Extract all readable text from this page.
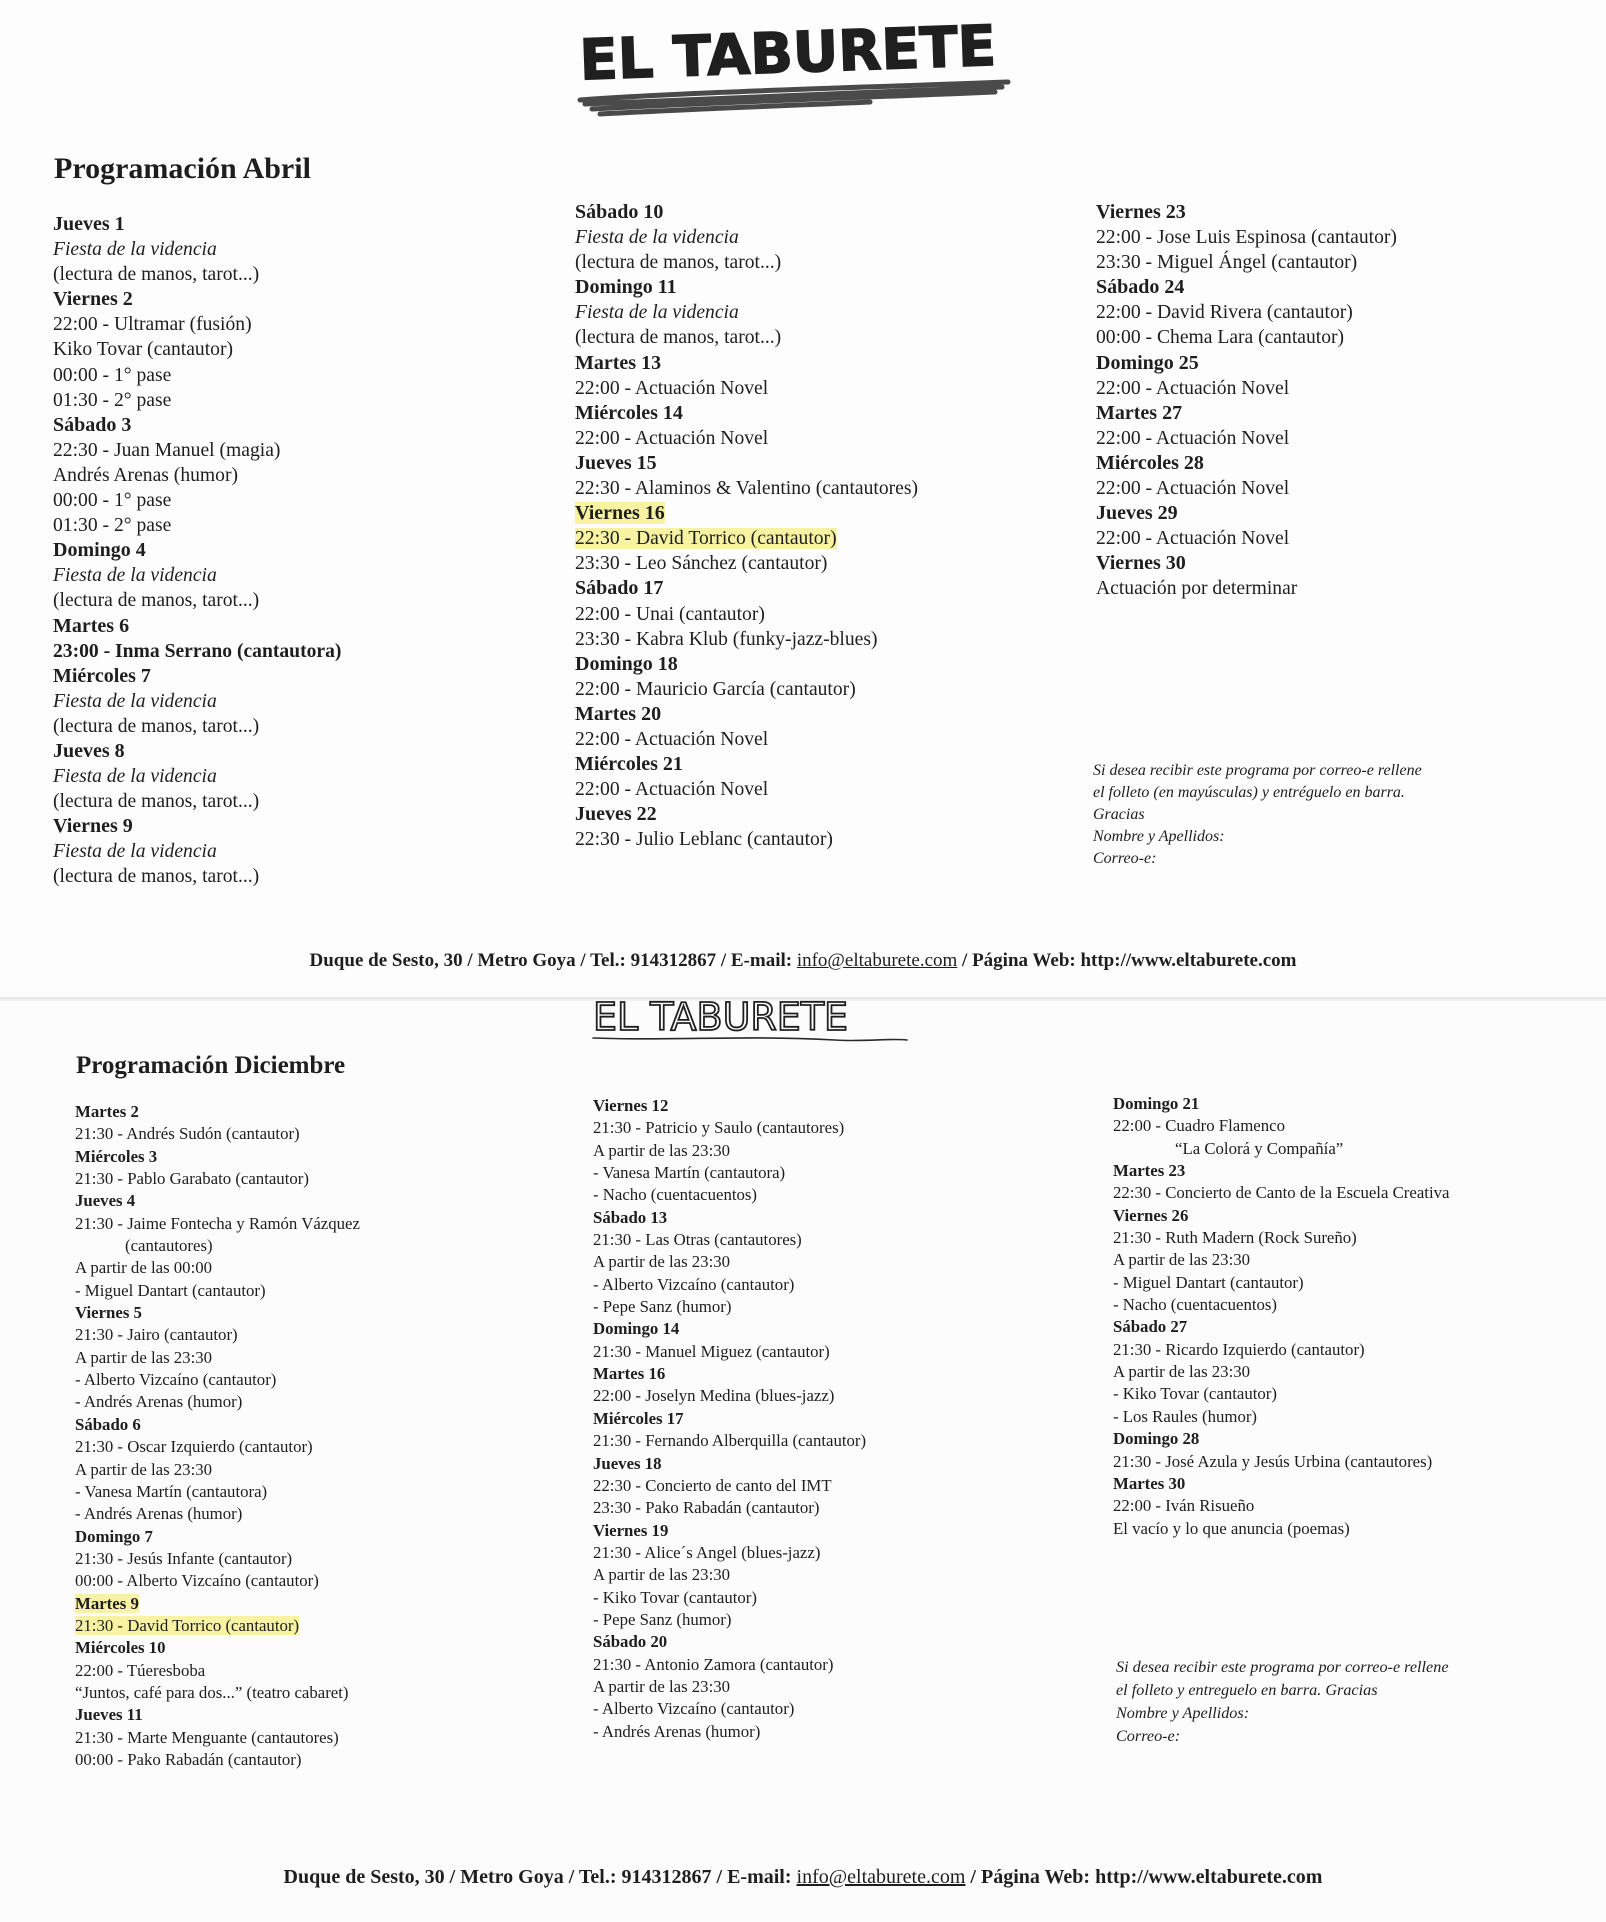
EL TABURETE
Programación Abril
Jueves 1
Fiesta de la videncia
(lectura de manos, tarot...)
Viernes 2
22:00 - Ultramar (fusión)
Kiko Tovar (cantautor)
00:00 - 1° pase
01:30 - 2° pase
Sábado 3
22:30 - Juan Manuel (magia)
Andrés Arenas (humor)
00:00 - 1° pase
01:30 - 2° pase
Domingo 4
Fiesta de la videncia
(lectura de manos, tarot...)
Martes 6
23:00 - Inma Serrano (cantautora)
Miércoles 7
Fiesta de la videncia
(lectura de manos, tarot...)
Jueves 8
Fiesta de la videncia
(lectura de manos, tarot...)
Viernes 9
Fiesta de la videncia
(lectura de manos, tarot...)
Sábado 10
Fiesta de la videncia
(lectura de manos, tarot...)
Domingo 11
Fiesta de la videncia
(lectura de manos, tarot...)
Martes 13
22:00 - Actuación Novel
Miércoles 14
22:00 - Actuación Novel
Jueves 15
22:30 - Alaminos & Valentino (cantautores)
Viernes 16
22:30 - David Torrico (cantautor)
23:30 - Leo Sánchez (cantautor)
Sábado 17
22:00 - Unai (cantautor)
23:30 - Kabra Klub (funky-jazz-blues)
Domingo 18
22:00 - Mauricio García (cantautor)
Martes 20
22:00 - Actuación Novel
Miércoles 21
22:00 - Actuación Novel
Jueves 22
22:30 - Julio Leblanc (cantautor)
Viernes 23
22:00 - Jose Luis Espinosa (cantautor)
23:30 - Miguel Ángel (cantautor)
Sábado 24
22:00 - David Rivera (cantautor)
00:00 - Chema Lara (cantautor)
Domingo 25
22:00 - Actuación Novel
Martes 27
22:00 - Actuación Novel
Miércoles 28
22:00 - Actuación Novel
Jueves 29
22:00 - Actuación Novel
Viernes 30
Actuación por determinar
Si desea recibir este programa por correo-e rellene
el folleto (en mayúsculas) y entréguelo en barra.
Gracias
Nombre y Apellidos:
Correo-e:

Duque de Sesto, 30 / Metro Goya / Tel.: 914312867 / E-mail: info@eltaburete.com / Página Web: http://www.eltaburete.com

EL TABURETE
Programación Diciembre
Martes 2
21:30 - Andrés Sudón (cantautor)
Miércoles 3
21:30 - Pablo Garabato (cantautor)
Jueves 4
21:30 - Jaime Fontecha y Ramón Vázquez
(cantautores)
A partir de las 00:00
- Miguel Dantart (cantautor)
Viernes 5
21:30 - Jairo (cantautor)
A partir de las 23:30
- Alberto Vizcaíno (cantautor)
- Andrés Arenas (humor)
Sábado 6
21:30 - Oscar Izquierdo (cantautor)
A partir de las 23:30
- Vanesa Martín (cantautora)
- Andrés Arenas (humor)
Domingo 7
21:30 - Jesús Infante (cantautor)
00:00 - Alberto Vizcaíno (cantautor)
Martes 9
21:30 - David Torrico (cantautor)
Miércoles 10
22:00 - Túeresboba
“Juntos, café para dos...” (teatro cabaret)
Jueves 11
21:30 - Marte Menguante (cantautores)
00:00 - Pako Rabadán (cantautor)
Viernes 12
21:30 - Patricio y Saulo (cantautores)
A partir de las 23:30
- Vanesa Martín (cantautora)
- Nacho (cuentacuentos)
Sábado 13
21:30 - Las Otras (cantautores)
A partir de las 23:30
- Alberto Vizcaíno (cantautor)
- Pepe Sanz (humor)
Domingo 14
21:30 - Manuel Miguez (cantautor)
Martes 16
22:00 - Joselyn Medina (blues-jazz)
Miércoles 17
21:30 - Fernando Alberquilla (cantautor)
Jueves 18
22:30 - Concierto de canto del IMT
23:30 - Pako Rabadán (cantautor)
Viernes 19
21:30 - Alice´s Angel (blues-jazz)
A partir de las 23:30
- Kiko Tovar (cantautor)
- Pepe Sanz (humor)
Sábado 20
21:30 - Antonio Zamora (cantautor)
A partir de las 23:30
- Alberto Vizcaíno (cantautor)
- Andrés Arenas (humor)
Domingo 21
22:00 - Cuadro Flamenco
“La Colorá y Compañía”
Martes 23
22:30 - Concierto de Canto de la Escuela Creativa
Viernes 26
21:30 - Ruth Madern (Rock Sureño)
A partir de las 23:30
- Miguel Dantart (cantautor)
- Nacho (cuentacuentos)
Sábado 27
21:30 - Ricardo Izquierdo (cantautor)
A partir de las 23:30
- Kiko Tovar (cantautor)
- Los Raules (humor)
Domingo 28
21:30 - José Azula y Jesús Urbina (cantautores)
Martes 30
22:00 - Iván Risueño
El vacío y lo que anuncia (poemas)
Si desea recibir este programa por correo-e rellene
el folleto y entreguelo en barra. Gracias
Nombre y Apellidos:
Correo-e:

Duque de Sesto, 30 / Metro Goya / Tel.: 914312867 / E-mail: info@eltaburete.com / Página Web: http://www.eltaburete.com
